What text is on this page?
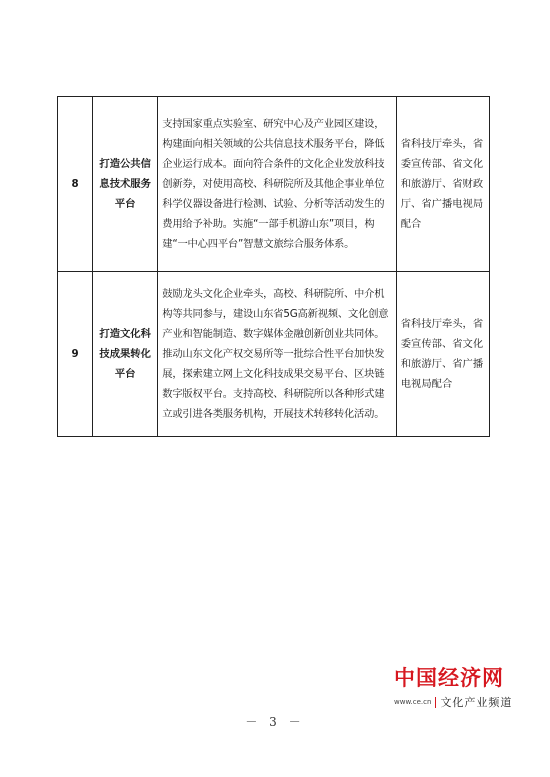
8	打造公共信息技术服务平台	支持国家重点实验室、研究中心及产业园区建设，构建面向相关领域的公共信息技术服务平台，降低企业运行成本。面向符合条件的文化企业发放科技创新券，对使用高校、科研院所及其他企事业单位科学仪器设备进行检测、试验、分析等活动发生的费用给予补助。实施“一部手机游山东”项目，构建“一中心四平台”智慧文旅综合服务体系。	省科技厅牵头，省委宣传部、省文化和旅游厅、省财政厅、省广播电视局配合
9	打造文化科技成果转化平台	鼓励龙头文化企业牵头，高校、科研院所、中介机构等共同参与，建设山东省5G高新视频、文化创意产业和智能制造、数字媒体金融创新创业共同体。推动山东文化产权交易所等一批综合性平台加快发展，探索建立网上文化科技成果交易平台、区块链数字版权平台。支持高校、科研院所以各种形式建立或引进各类服务机构，开展技术转移转化活动。	省科技厅牵头，省委宣传部、省文化和旅游厅、省广播电视局配合
中国经济网
www.ce.cn 文化产业频道
－ 3 －
